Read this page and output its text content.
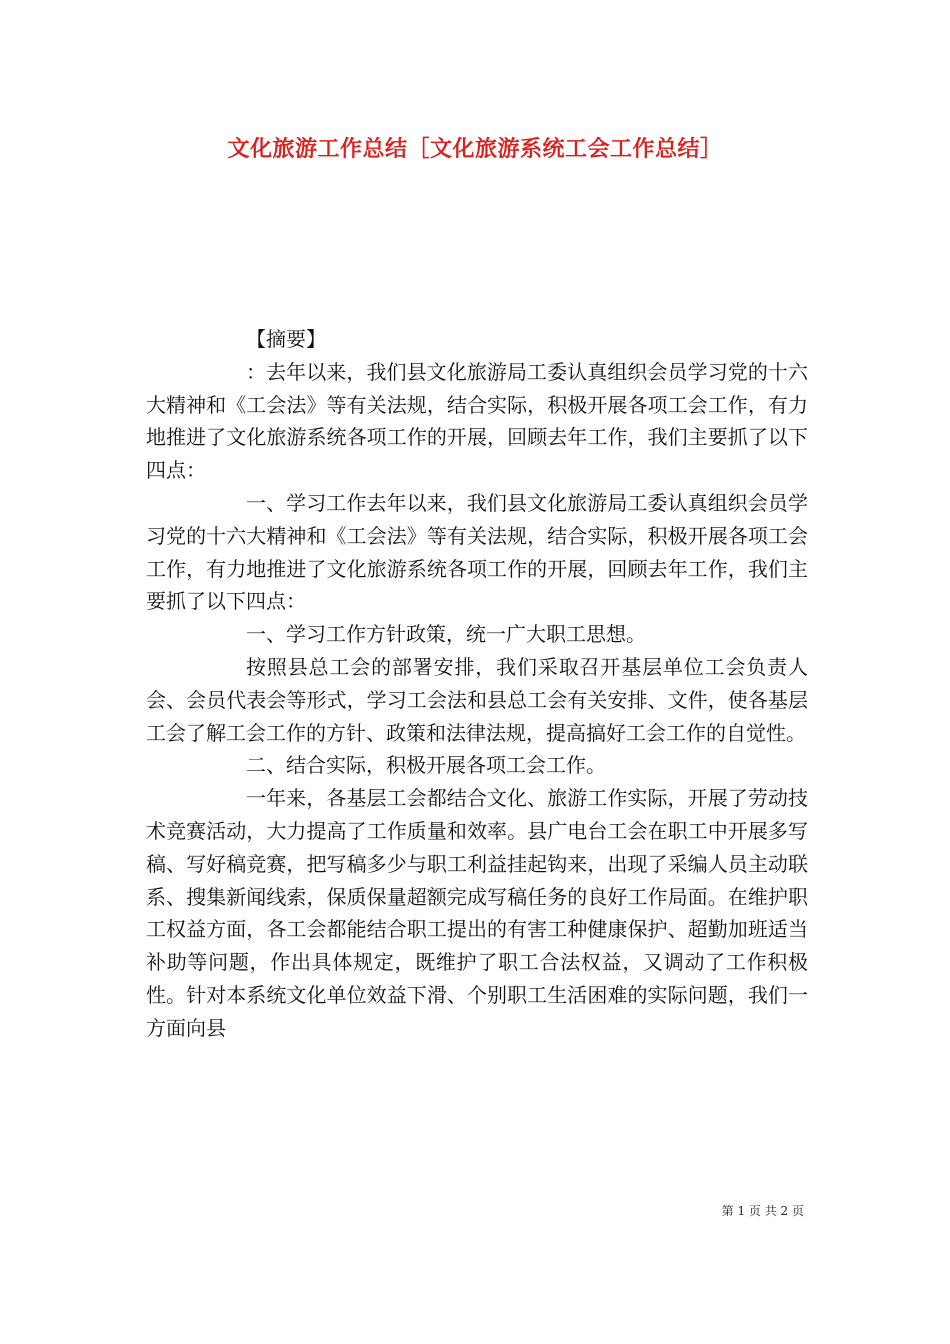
文化旅游工作总结［文化旅游系统工会工作总结］

【摘要】

：去年以来，我们县文化旅游局工委认真组织会员学习党的十六大精神和《工会法》等有关法规，结合实际，积极开展各项工会工作，有力地推进了文化旅游系统各项工作的开展，回顾去年工作，我们主要抓了以下四点：

一、学习工作去年以来，我们县文化旅游局工委认真组织会员学习党的十六大精神和《工会法》等有关法规，结合实际，积极开展各项工会工作，有力地推进了文化旅游系统各项工作的开展，回顾去年工作，我们主要抓了以下四点：

一、学习工作方针政策，统一广大职工思想。

按照县总工会的部署安排，我们采取召开基层单位工会负责人会、会员代表会等形式，学习工会法和县总工会有关安排、文件，使各基层工会了解工会工作的方针、政策和法律法规，提高搞好工会工作的自觉性。

二、结合实际，积极开展各项工会工作。

一年来，各基层工会都结合文化、旅游工作实际，开展了劳动技术竞赛活动，大力提高了工作质量和效率。县广电台工会在职工中开展多写稿、写好稿竞赛，把写稿多少与职工利益挂起钩来，出现了采编人员主动联系、搜集新闻线索，保质保量超额完成写稿任务的良好工作局面。在维护职工权益方面，各工会都能结合职工提出的有害工种健康保护、超勤加班适当补助等问题，作出具体规定，既维护了职工合法权益，又调动了工作积极性。针对本系统文化单位效益下滑、个别职工生活困难的实际问题，我们一方面向县

第 1 页 共 2 页
